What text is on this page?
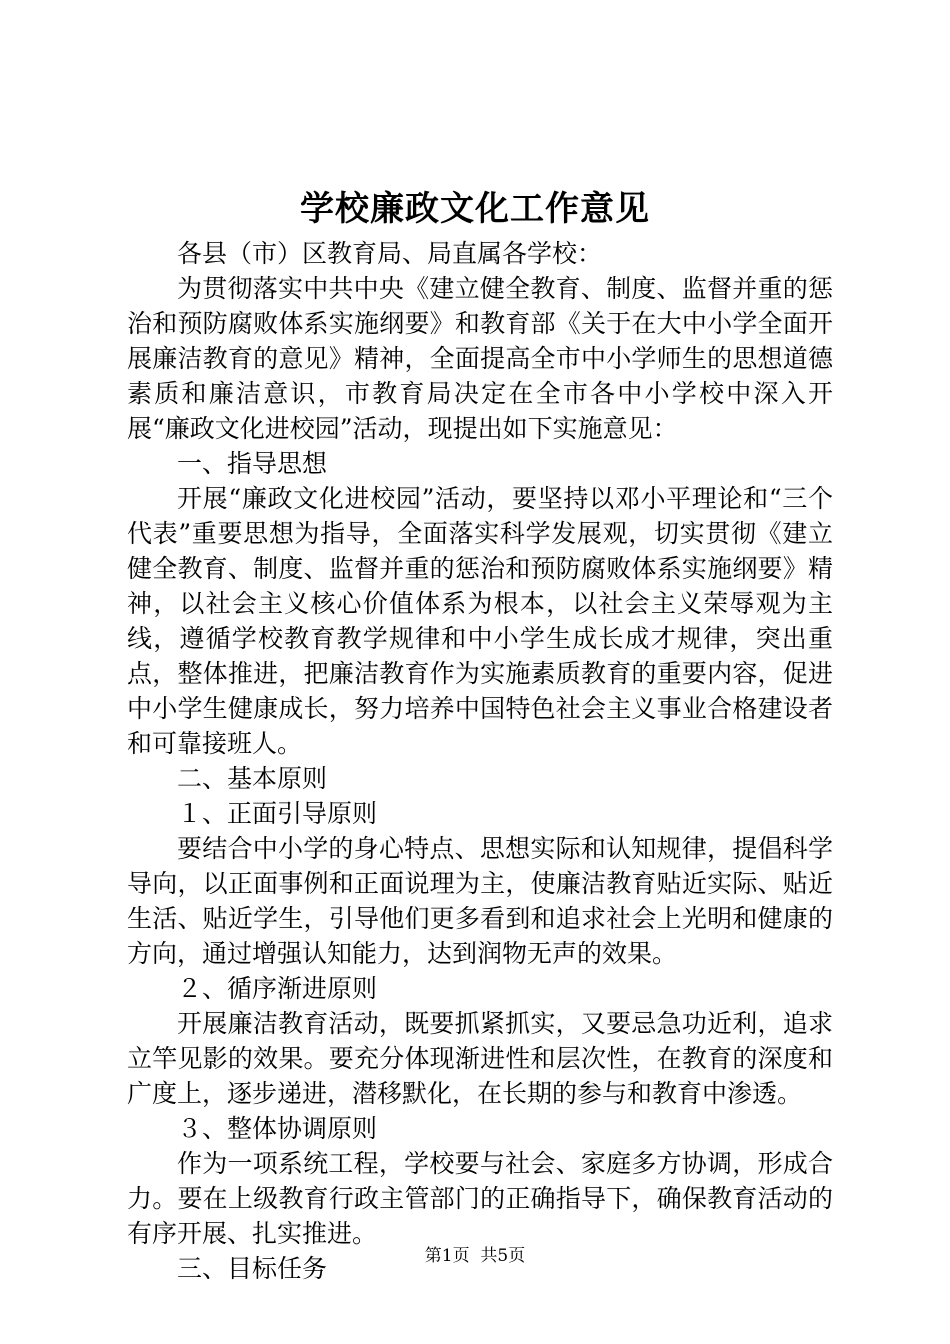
学校廉政文化工作意见

各县（市）区教育局、局直属各学校：

为贯彻落实中共中央《建立健全教育、制度、监督并重的惩治和预防腐败体系实施纲要》和教育部《关于在大中小学全面开展廉洁教育的意见》精神，全面提高全市中小学师生的思想道德素质和廉洁意识，市教育局决定在全市各中小学校中深入开展“廉政文化进校园”活动，现提出如下实施意见：

一、指导思想

开展“廉政文化进校园”活动，要坚持以邓小平理论和“三个代表”重要思想为指导，全面落实科学发展观，切实贯彻《建立健全教育、制度、监督并重的惩治和预防腐败体系实施纲要》精神，以社会主义核心价值体系为根本，以社会主义荣辱观为主线，遵循学校教育教学规律和中小学生成长成才规律，突出重点，整体推进，把廉洁教育作为实施素质教育的重要内容，促进中小学生健康成长，努力培养中国特色社会主义事业合格建设者和可靠接班人。

二、基本原则

１、正面引导原则

要结合中小学的身心特点、思想实际和认知规律，提倡科学导向，以正面事例和正面说理为主，使廉洁教育贴近实际、贴近生活、贴近学生，引导他们更多看到和追求社会上光明和健康的方向，通过增强认知能力，达到润物无声的效果。

２、循序渐进原则

开展廉洁教育活动，既要抓紧抓实，又要忌急功近利，追求立竿见影的效果。要充分体现渐进性和层次性，在教育的深度和广度上，逐步递进，潜移默化，在长期的参与和教育中渗透。

３、整体协调原则

作为一项系统工程，学校要与社会、家庭多方协调，形成合力。要在上级教育行政主管部门的正确指导下，确保教育活动的有序开展、扎实推进。

三、目标任务	第1页 共5页
